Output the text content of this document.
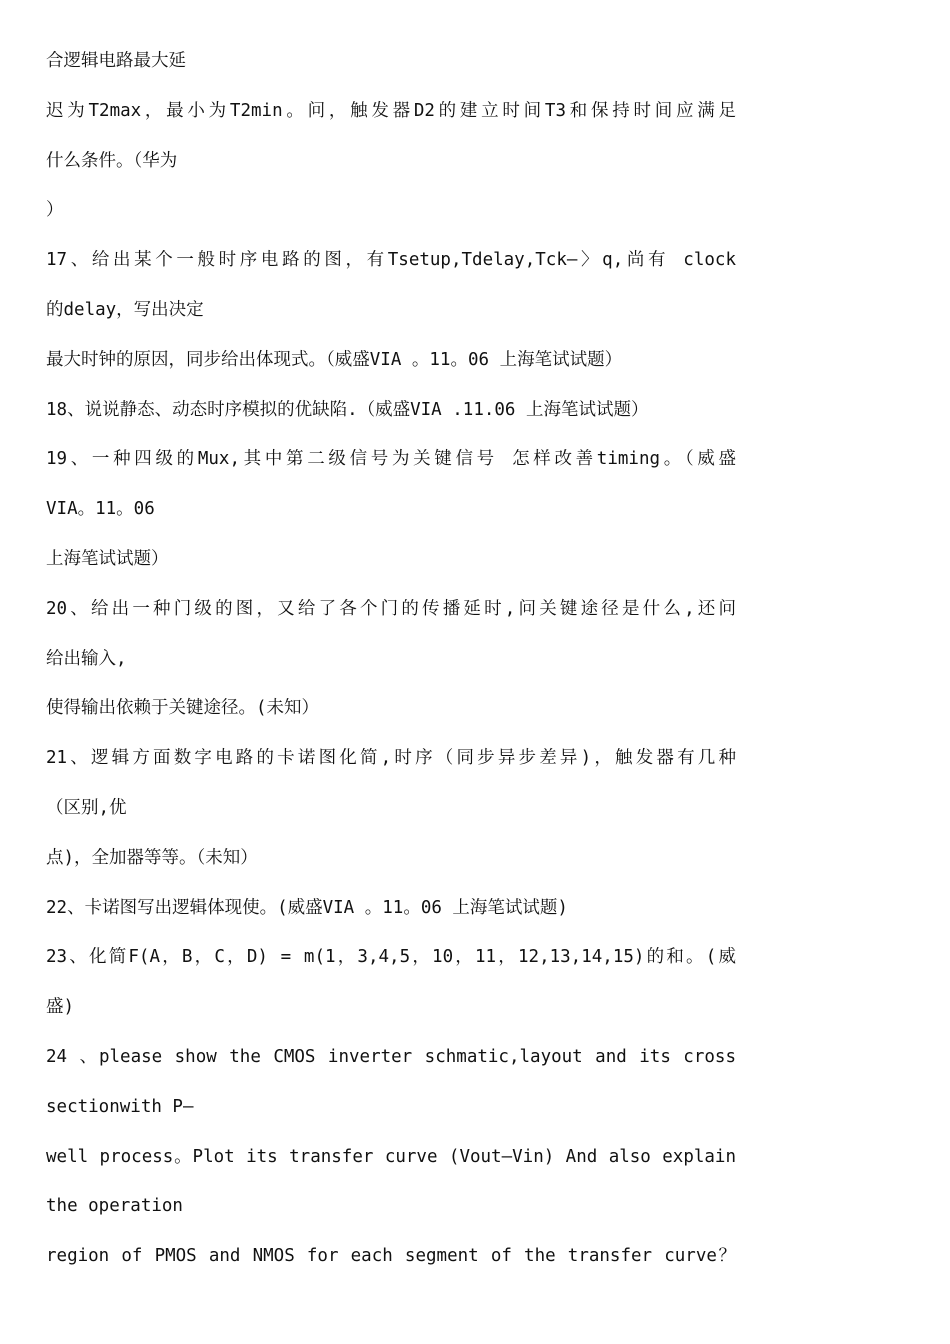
合逻辑电路最大延
迟为T2max，最小为T2min。问，触发器D2的建立时间T3和保持时间应满足
什么条件。（华为
）
17、给出某个一般时序电路的图，有Tsetup,Tdelay,Tck—〉q,尚有 clock
的delay，写出决定
最大时钟的原因，同步给出体现式。（威盛VIA 。11。06 上海笔试试题）
18、说说静态、动态时序模拟的优缺陷.（威盛VIA .11.06 上海笔试试题）
19、一种四级的Mux,其中第二级信号为关键信号 怎样改善timing。（威盛
VIA。11。06
上海笔试试题）
20、给出一种门级的图，又给了各个门的传播延时,问关键途径是什么,还问
给出输入,
使得输出依赖于关键途径。(未知）
21、逻辑方面数字电路的卡诺图化简,时序（同步异步差异)，触发器有几种
（区别,优
点)，全加器等等。（未知）
22、卡诺图写出逻辑体现使。(威盛VIA 。11。06 上海笔试试题)
23、化简F(A，B，C，D) = m(1，3,4,5，10，11，12,13,14,15)的和。(威
盛)
24 、please show the CMOS inverter schmatic,layout and its cross
sectionwith P—
well process。Plot its transfer curve (Vout—Vin) And also explain
the operation
region of PMOS and NMOS for each segment of the transfer curve？
